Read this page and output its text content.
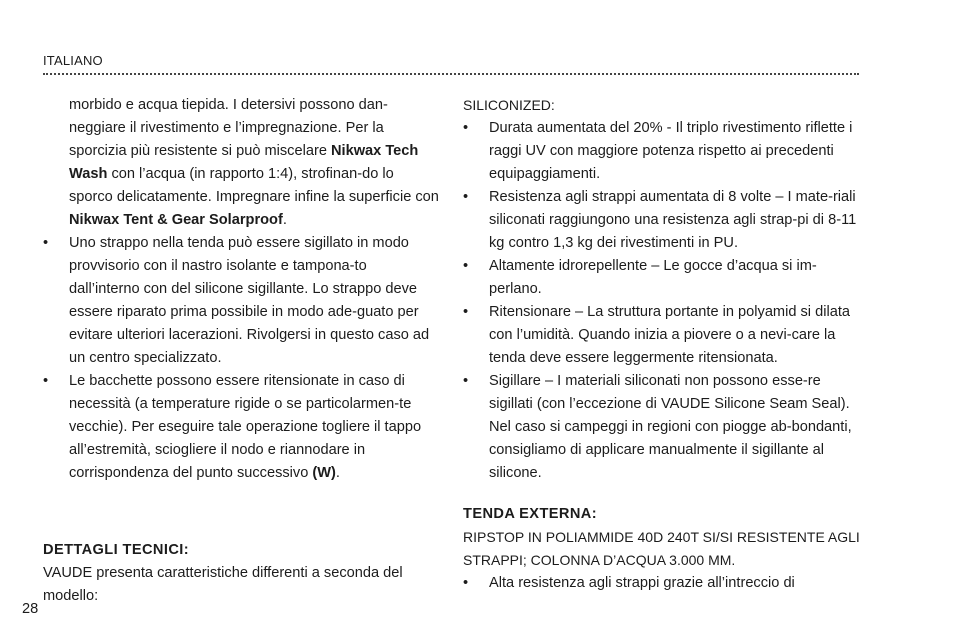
ITALIANO

morbido e acqua tiepida. I detersivi possono dan-neggiare il rivestimento e l’impregnazione. Per la sporcizia più resistente si può miscelare Nikwax Tech Wash con l’acqua (in rapporto 1:4), strofinan-do lo sporco delicatamente. Impregnare infine la superficie con Nikwax Tent & Gear Solarproof.

• Uno strappo nella tenda può essere sigillato in modo provvisorio con il nastro isolante e tampona-to dall’interno con del silicone sigillante. Lo strappo deve essere riparato prima possibile in modo ade-guato per evitare ulteriori lacerazioni. Rivolgersi in questo caso ad un centro specializzato.
• Le bacchette possono essere ritensionate in caso di necessità (a temperature rigide o se particolarmen-te vecchie). Per eseguire tale operazione togliere il tappo all’estremità, sciogliere il nodo e riannodare in corrispondenza del punto successivo (W).

DETTAGLI TECNICI:

VAUDE presenta caratteristiche differenti a seconda del modello:

SILICONIZED:

• Durata aumentata del 20% - Il triplo rivestimento riflette i raggi UV con maggiore potenza rispetto ai precedenti equipaggiamenti.
• Resistenza agli strappi aumentata di 8 volte – I mate-riali siliconati raggiungono una resistenza agli strap-pi di 8-11 kg contro 1,3 kg dei rivestimenti in PU.
• Altamente idrorepellente – Le gocce d’acqua si im-perlano.
• Ritensionare – La struttura portante in polyamid si dilata con l’umidità. Quando inizia a piovere o a nevi-care la tenda deve essere leggermente ritensionata.
• Sigillare – I materiali siliconati non possono esse-re sigillati (con l’eccezione di VAUDE Silicone Seam Seal). Nel caso si campeggi in regioni con piogge ab-bondanti, consigliamo di applicare manualmente il sigillante al silicone.

TENDA EXTERNA:

RIPSTOP IN POLIAMMIDE 40D 240T SI/SI RESISTENTE AGLI STRAPPI; COLONNA D’ACQUA 3.000 MM.

• Alta resistenza agli strappi grazie all’intreccio di
28
